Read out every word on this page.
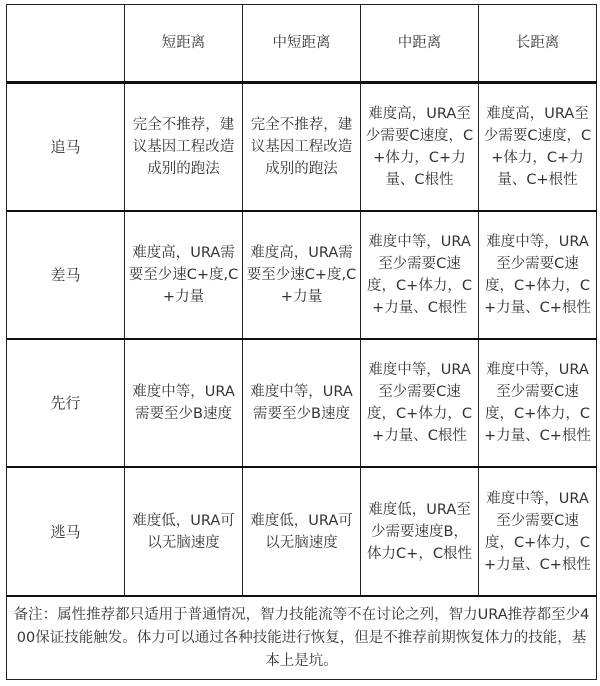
	短距离	中短距离	中距离	长距离
追马	完全不推荐，建议基因工程改造成别的跑法	完全不推荐，建议基因工程改造成别的跑法	难度高，URA至少需要C速度，C+体力，C+力量、C根性	难度高，URA至少需要C速度，C+体力，C+力量、C+根性
差马	难度高，URA需要至少速C+度,C+力量	难度高，URA需要至少速C+度,C+力量	难度中等，URA至少需要C速度，C+体力，C+力量、C根性	难度中等，URA至少需要C速度，C+体力，C+力量、C+根性
先行	难度中等，URA需要至少B速度	难度中等，URA需要至少B速度	难度中等，URA至少需要C速度，C+体力，C+力量、C根性	难度中等，URA至少需要C速度，C+体力，C+力量、C+根性
逃马	难度低，URA可以无脑速度	难度低，URA可以无脑速度	难度低，URA至少需要速度B，体力C+，C根性	难度中等，URA至少需要C速度，C+体力，C+力量、C+根性
备注：属性推荐都只适用于普通情况，智力技能流等不在讨论之列，智力URA推荐都至少400保证技能触发。体力可以通过各种技能进行恢复，但是不推荐前期恢复体力的技能，基本上是坑。				
